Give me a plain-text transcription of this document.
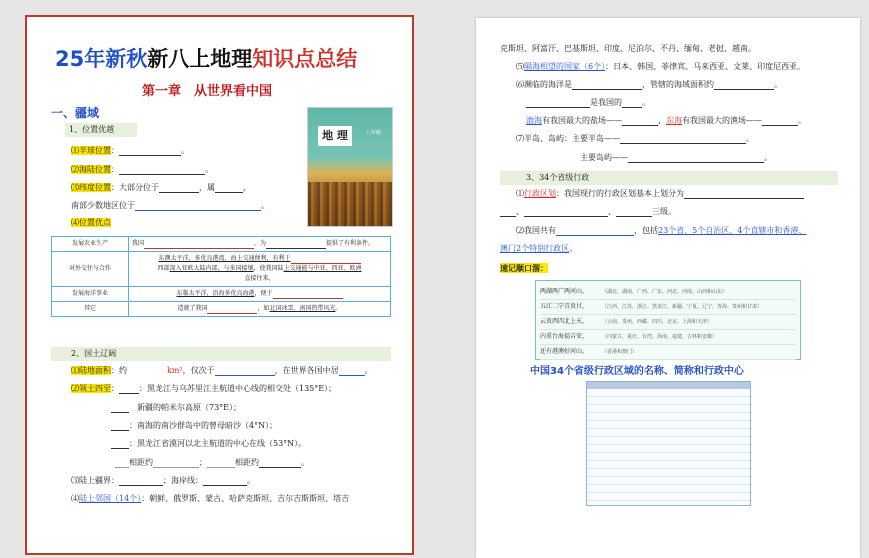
25年新秋新八上地理知识点总结
第一章　从世界看中国
一、疆域
1、位置优越	地 理	八年级
⑴半球位置：	。
⑵海陆位置：	。
⑶纬度位置：大部分位于	，属	，
南部少数地区位于	。
⑷位置优点
发展农业生产	我国 ，为 提供了有利条件。
对外交往与合作	东濒太平洋，多优良港湾，海上交通便利，有利于
西部深入亚欧大陆内部，与多国接壤，使我国陆上交通能与中亚、西亚、欧洲
直接往来。

发展海洋事业	东临太平洋，沿海多优良海港，便于
其它	造就了我国 ，如北国冰雪、南国热带风光。
2、国土辽阔
⑴陆地面积：约	km²，仅次于	，在世界各国中居	。
⑵领土四至：	：黑龙江与乌苏里江主航道中心线的相交处（135°E）；
　新疆的帕米尔高原（73°E）；
：南海的南沙群岛中的曾母暗沙（4°N）；
：黑龙江省漠河以北主航道的中心在线（53°N）。
相距约	；	相距约	。
⑶陆上疆界：	；海岸线：	。
⑷陆上邻国（14个）：朝鲜、俄罗斯、蒙古、哈萨克斯坦、吉尔吉斯斯坦、塔吉
克斯坦、阿富汗、巴基斯坦、印度、尼泊尔、不丹、缅甸、老挝、越南。
⑸隔海相望的国家（6个）：日本、韩国、菲律宾、马来西亚、文莱、印度尼西亚。
⑹濒临的海洋是	，管辖的海域面积约	。
是我国的	。
渤海有我国最大的盐场——	，东海有我国最大的渔场——	。
⑺半岛、岛屿：主要半岛——	。
主要岛屿——	。
3、34个省级行政
⑴行政区划：我国现行的行政区划基本上划分为
、	、	三级。
⑵我国共有	，包括23个省、5个自治区、4个直辖市和香港、
澳门2个特别行政区。
速记顺口溜：
两湖两广两河山，	（湖北、湖南、广西、广东、河北、河南、山西和山东）
五江二宁青贵甘，	（江西、江苏、浙江、黑龙江、新疆、宁夏、辽宁、青海、贵州和甘肃）
云贵西四北上天，	（云南、贵州、西藏、四川、北京、上海和天津）
内重台海福吉安，	（内蒙古、重庆、台湾、海南、福建、吉林和安徽）
还有港澳好河山。	（香港和澳门）
中国34个省级行政区域的名称、简称和行政中心
